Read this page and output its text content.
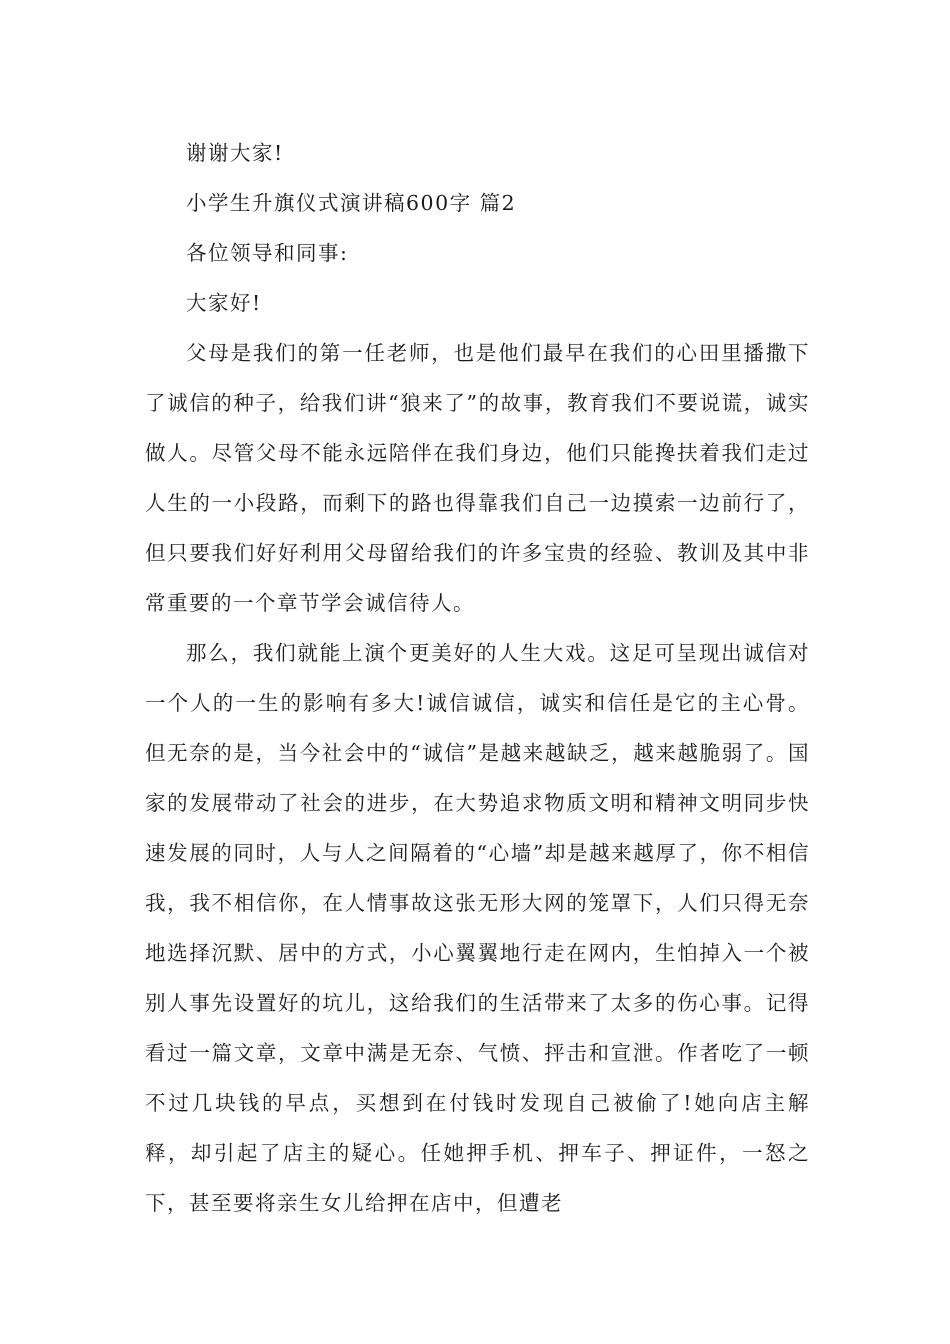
谢谢大家!

小学生升旗仪式演讲稿600字 篇2

各位领导和同事:

大家好!

父母是我们的第一任老师，也是他们最早在我们的心田里播撒下了诚信的种子，给我们讲“狼来了”的故事，教育我们不要说谎，诚实做人。尽管父母不能永远陪伴在我们身边，他们只能搀扶着我们走过人生的一小段路，而剩下的路也得靠我们自己一边摸索一边前行了，但只要我们好好利用父母留给我们的许多宝贵的经验、教训及其中非常重要的一个章节学会诚信待人。

那么，我们就能上演个更美好的人生大戏。这足可呈现出诚信对一个人的一生的影响有多大!诚信诚信，诚实和信任是它的主心骨。但无奈的是，当今社会中的“诚信”是越来越缺乏，越来越脆弱了。国家的发展带动了社会的进步，在大势追求物质文明和精神文明同步快速发展的同时，人与人之间隔着的“心墙”却是越来越厚了，你不相信我，我不相信你，在人情事故这张无形大网的笼罩下，人们只得无奈地选择沉默、居中的方式，小心翼翼地行走在网内，生怕掉入一个被别人事先设置好的坑儿，这给我们的生活带来了太多的伤心事。记得看过一篇文章，文章中满是无奈、气愤、抨击和宣泄。作者吃了一顿不过几块钱的早点，买想到在付钱时发现自己被偷了!她向店主解释，却引起了店主的疑心。任她押手机、押车子、押证件，一怒之下，甚至要将亲生女儿给押在店中，但遭老
